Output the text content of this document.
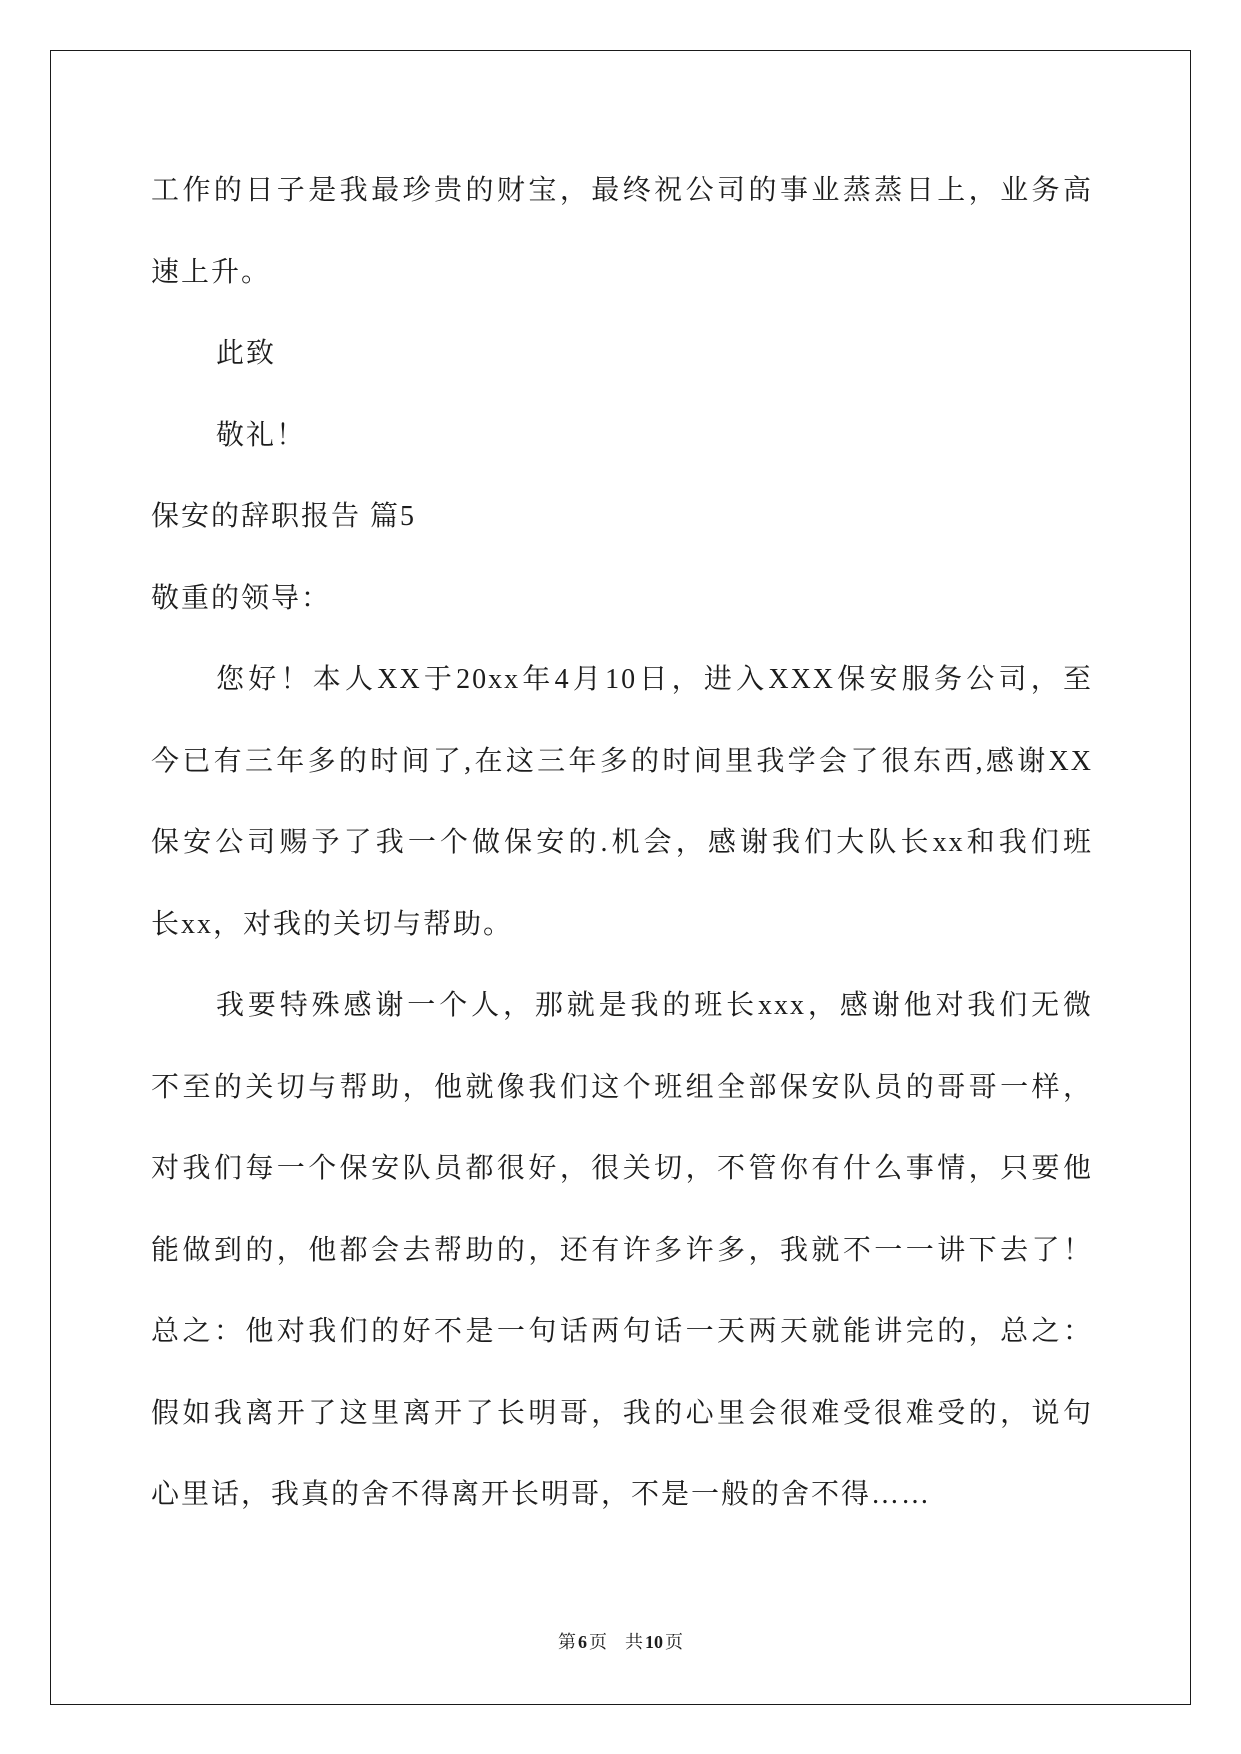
工作的日子是我最珍贵的财宝，最终祝公司的事业蒸蒸日上，业务高
速上升。
此致
敬礼！
保安的辞职报告 篇5
敬重的领导：
您好！本人XX于20xx年4月10日，进入XXX保安服务公司，至
今已有三年多的时间了,在这三年多的时间里我学会了很东西,感谢XX
保安公司赐予了我一个做保安的.机会，感谢我们大队长xx和我们班
长xx，对我的关切与帮助。
我要特殊感谢一个人，那就是我的班长xxx，感谢他对我们无微
不至的关切与帮助，他就像我们这个班组全部保安队员的哥哥一样，
对我们每一个保安队员都很好，很关切，不管你有什么事情，只要他
能做到的，他都会去帮助的，还有许多许多，我就不一一讲下去了！
总之：他对我们的好不是一句话两句话一天两天就能讲完的，总之：
假如我离开了这里离开了长明哥，我的心里会很难受很难受的，说句
心里话，我真的舍不得离开长明哥，不是一般的舍不得……
第 6 页 共 10 页
